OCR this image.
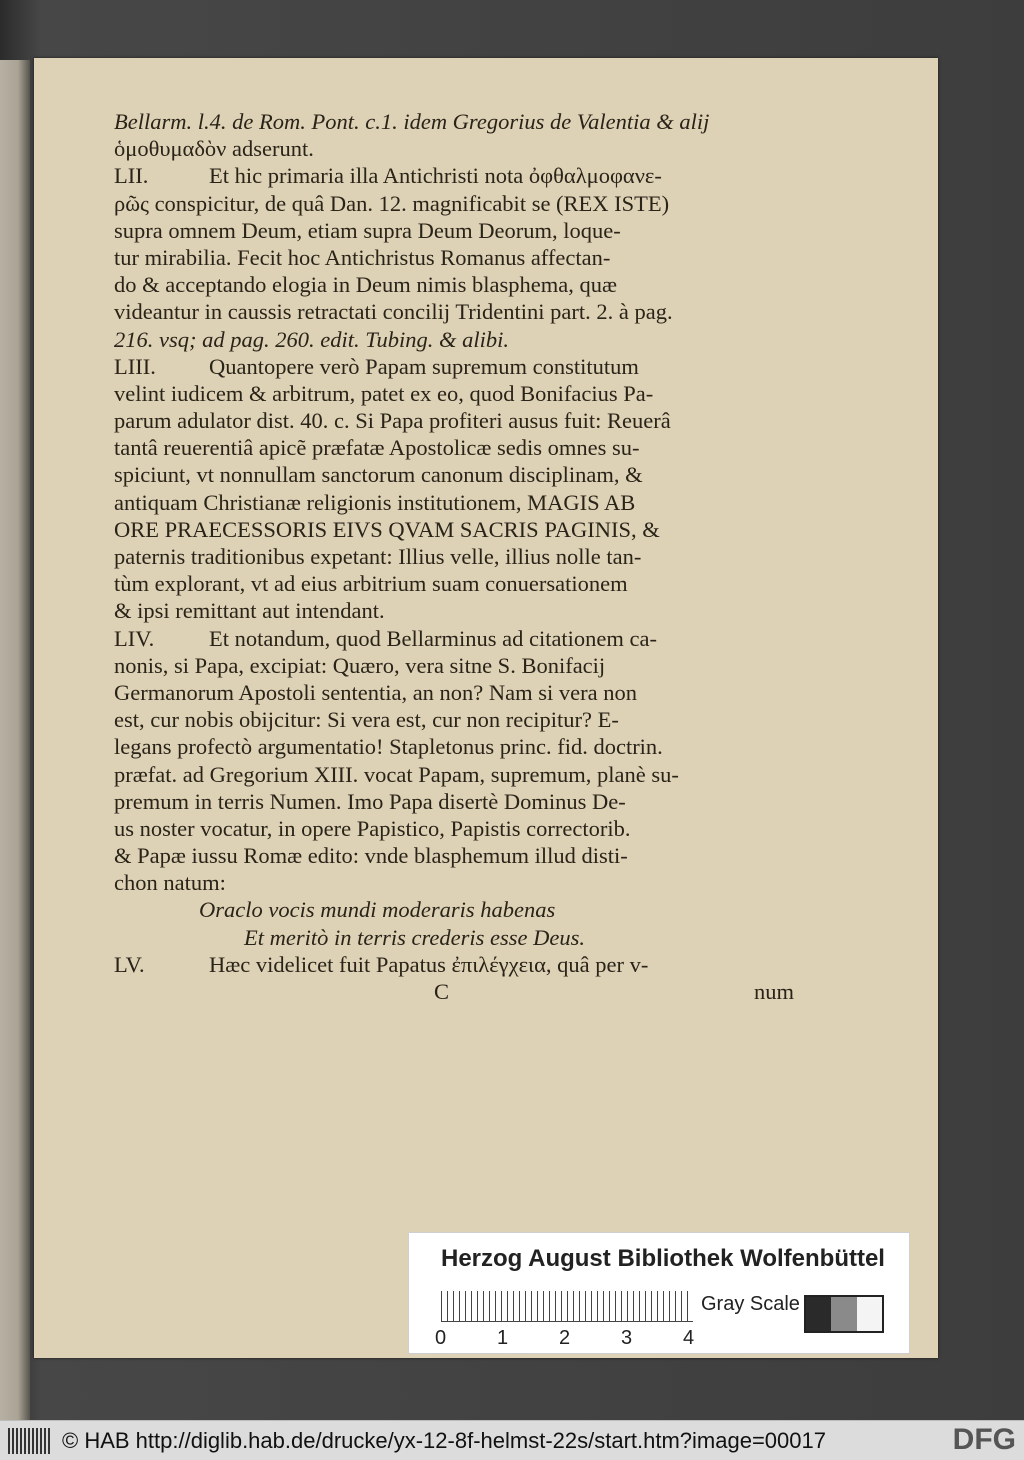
Bellarm. l.4. de Rom. Pont. c.1. idem Gregorius de Valentia & alij
ὁμοθυμαδὸν adserunt.
LII.	Et hic primaria illa Antichristi nota ὀφθαλμοφανε-
ρῶς conspicitur, de quâ Dan. 12. magnificabit se (REX ISTE)
supra omnem Deum, etiam supra Deum Deorum, loque-
tur mirabilia. Fecit hoc Antichristus Romanus affectan-
do & acceptando elogia in Deum nimis blasphema, quæ
videantur in caussis retractati concilij Tridentini part. 2. à pag.
216. vsq; ad pag. 260. edit. Tubing. & alibi.
LIII. Quantopere verò Papam supremum constitutum
velint iudicem & arbitrum, patet ex eo, quod Bonifacius Pa-
parum adulator dist. 40. c. Si Papa profiteri ausus fuit: Reuerâ
tantâ reuerentiâ apicẽ præfatæ Apostolicæ sedis omnes su-
spiciunt, vt nonnullam sanctorum canonum disciplinam, &
antiquam Christianæ religionis institutionem, MAGIS AB
ORE PRAECESSORIS EIVS QVAM SACRIS PAGINIS, &
paternis traditionibus expetant: Illius velle, illius nolle tan-
tùm explorant, vt ad eius arbitrium suam conuersationem
& ipsi remittant aut intendant.
LIV. Et notandum, quod Bellarminus ad citationem ca-
nonis, si Papa, excipiat: Quæro, vera sitne S. Bonifacij
Germanorum Apostoli sententia, an non? Nam si vera non
est, cur nobis obijcitur: Si vera est, cur non recipitur? E-
legans profectò argumentatio! Stapletonus princ. fid. doctrin.
præfat. ad Gregorium XIII. vocat Papam, supremum, planè su-
premum in terris Numen. Imo Papa disertè Dominus De-
us noster vocatur, in opere Papistico, Papistis correctorib.
& Papæ iussu Romæ edito: vnde blasphemum illud disti-
chon natum:
Oraclo vocis mundi moderaris habenas
Et meritò in terris crederis esse Deus.
LV.	Hæc videlicet fuit Papatus ἐπιλέγχεια, quâ per v-
C	num
Herzog August Bibliothek Wolfenbüttel
0	1	2	3	4
Gray Scale
© HAB http://diglib.hab.de/drucke/yx-12-8f-helmst-22s/start.htm?image=00017	DFG
